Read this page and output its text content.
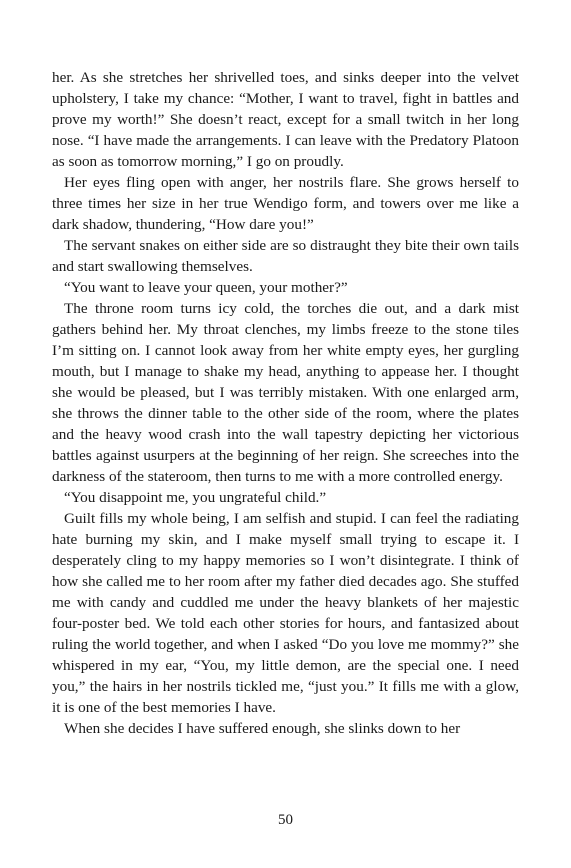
her. As she stretches her shrivelled toes, and sinks deeper into the velvet upholstery, I take my chance: “Mother, I want to travel, fight in battles and prove my worth!” She doesn’t react, except for a small twitch in her long nose. “I have made the arrangements. I can leave with the Predatory Platoon as soon as tomorrow morning,” I go on proudly.

Her eyes fling open with anger, her nostrils flare. She grows herself to three times her size in her true Wendigo form, and towers over me like a dark shadow, thundering, “How dare you!”

The servant snakes on either side are so distraught they bite their own tails and start swallowing themselves.

“You want to leave your queen, your mother?”

The throne room turns icy cold, the torches die out, and a dark mist gathers behind her. My throat clenches, my limbs freeze to the stone tiles I’m sitting on. I cannot look away from her white empty eyes, her gurgling mouth, but I manage to shake my head, anything to appease her. I thought she would be pleased, but I was terribly mistaken. With one enlarged arm, she throws the dinner table to the other side of the room, where the plates and the heavy wood crash into the wall tapestry depicting her victorious battles against usurpers at the beginning of her reign. She screeches into the darkness of the stateroom, then turns to me with a more controlled energy.

“You disappoint me, you ungrateful child.”

Guilt fills my whole being, I am selfish and stupid. I can feel the radiating hate burning my skin, and I make myself small trying to escape it. I desperately cling to my happy memories so I won’t disintegrate. I think of how she called me to her room after my father died decades ago. She stuffed me with candy and cuddled me under the heavy blankets of her majestic four-poster bed. We told each other stories for hours, and fantasized about ruling the world together, and when I asked “Do you love me mommy?” she whispered in my ear, “You, my little demon, are the special one. I need you,” the hairs in her nostrils tickled me, “just you.” It fills me with a glow, it is one of the best memories I have.

When she decides I have suffered enough, she slinks down to her

50
